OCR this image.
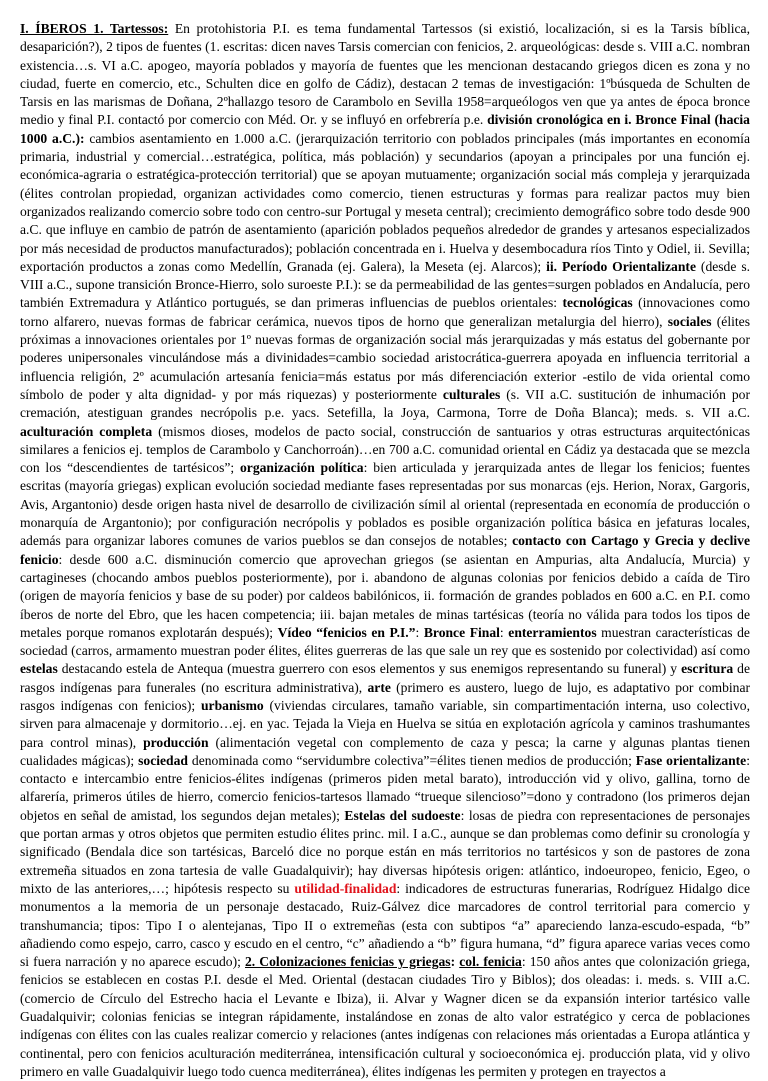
I. ÍBEROS 1. Tartessos: En protohistoria P.I. es tema fundamental Tartessos (si existió, localización, si es la Tarsis bíblica, desaparición?), 2 tipos de fuentes (1. escritas: dicen naves Tarsis comercian con fenicios, 2. arqueológicas: desde s. VIII a.C. nombran existencia…s. VI a.C. apogeo, mayoría poblados y mayoría de fuentes que les mencionan destacando griegos dicen es zona y no ciudad, fuerte en comercio, etc., Schulten dice en golfo de Cádiz), destacan 2 temas de investigación: 1ºbúsqueda de Schulten de Tarsis en las marismas de Doñana, 2ºhallazgo tesoro de Carambolo en Sevilla 1958=arqueólogos ven que ya antes de época bronce medio y final P.I. contactó por comercio con Méd. Or. y se influyó en orfebrería p.e. división cronológica en i. Bronce Final (hacia 1000 a.C.): cambios asentamiento en 1.000 a.C. (jerarquización territorio con poblados principales (más importantes en economía primaria, industrial y comercial…estratégica, política, más población) y secundarios (apoyan a principales por una función ej. económica-agraria o estratégica-protección territorial) que se apoyan mutuamente; organización social más compleja y jerarquizada (élites controlan propiedad, organizan actividades como comercio, tienen estructuras y formas para realizar pactos muy bien organizados realizando comercio sobre todo con centro-sur Portugal y meseta central); crecimiento demográfico sobre todo desde 900 a.C. que influye en cambio de patrón de asentamiento (aparición poblados pequeños alrededor de grandes y artesanos especializados por más necesidad de productos manufacturados); población concentrada en i. Huelva y desembocadura ríos Tinto y Odiel, ii. Sevilla; exportación productos a zonas como Medellín, Granada (ej. Galera), la Meseta (ej. Alarcos); ii. Período Orientalizante (desde s. VIII a.C., supone transición Bronce-Hierro, solo suroeste P.I.): se da permeabilidad de las gentes=surgen poblados en Andalucía, pero también Extremadura y Atlántico portugués, se dan primeras influencias de pueblos orientales: tecnológicas (innovaciones como torno alfarero, nuevas formas de fabricar cerámica, nuevos tipos de horno que generalizan metalurgia del hierro), sociales (élites próximas a innovaciones orientales por 1º nuevas formas de organización social más jerarquizadas y más estatus del gobernante por poderes unipersonales vinculándose más a divinidades=cambio sociedad aristocrática-guerrera apoyada en influencia territorial a influencia religión, 2º acumulación artesanía fenicia=más estatus por más diferenciación exterior -estilo de vida oriental como símbolo de poder y alta dignidad- y por más riquezas) y posteriormente culturales (s. VII a.C. sustitución de inhumación por cremación, atestiguan grandes necrópolis p.e. yacs. Setefilla, la Joya, Carmona, Torre de Doña Blanca); meds. s. VII a.C. aculturación completa (mismos dioses, modelos de pacto social, construcción de santuarios y otras estructuras arquitectónicas similares a fenicios ej. templos de Carambolo y Canchorroán)…en 700 a.C. comunidad oriental en Cádiz ya destacada que se mezcla con los “descendientes de tartésicos”; organización política: bien articulada y jerarquizada antes de llegar los fenicios; fuentes escritas (mayoría griegas) explican evolución sociedad mediante fases representadas por sus monarcas (ejs. Herion, Norax, Gargoris, Avis, Argantonio) desde origen hasta nivel de desarrollo de civilización símil al oriental (representada en economía de producción o monarquía de Argantonio); por configuración necrópolis y poblados es posible organización política básica en jefaturas locales, además para organizar labores comunes de varios pueblos se dan consejos de notables; contacto con Cartago y Grecia y declive fenicio: desde 600 a.C. disminución comercio que aprovechan griegos (se asientan en Ampurias, alta Andalucía, Murcia) y cartagineses (chocando ambos pueblos posteriormente), por i. abandono de algunas colonias por fenicios debido a caída de Tiro (origen de mayoría fenicios y base de su poder) por caldeos babilónicos, ii. formación de grandes poblados en 600 a.C. en P.I. como íberos de norte del Ebro, que les hacen competencia; iii. bajan metales de minas tartésicas (teoría no válida para todos los tipos de metales porque romanos explotarán después); Vídeo “fenicios en P.I.”: Bronce Final: enterramientos muestran características de sociedad (carros, armamento muestran poder élites, élites guerreras de las que sale un rey que es sostenido por colectividad) así como estelas destacando estela de Antequa (muestra guerrero con esos elementos y sus enemigos representando su funeral) y escritura de rasgos indígenas para funerales (no escritura administrativa), arte (primero es austero, luego de lujo, es adaptativo por combinar rasgos indígenas con fenicios); urbanismo (viviendas circulares, tamaño variable, sin compartimentación interna, uso colectivo, sirven para almacenaje y dormitorio…ej. en yac. Tejada la Vieja en Huelva se sitúa en explotación agrícola y caminos trashumantes para control minas), producción (alimentación vegetal con complemento de caza y pesca; la carne y algunas plantas tienen cualidades mágicas); sociedad denominada como “servidumbre colectiva”=élites tienen medios de producción; Fase orientalizante: contacto e intercambio entre fenicios-élites indígenas (primeros piden metal barato), introducción vid y olivo, gallina, torno de alfarería, primeros útiles de hierro, comercio fenicios-tartesos llamado “trueque silencioso”=dono y contradono (los primeros dejan objetos en señal de amistad, los segundos dejan metales); Estelas del sudoeste: losas de piedra con representaciones de personajes que portan armas y otros objetos que permiten estudio élites princ. mil. I a.C., aunque se dan problemas como definir su cronología y significado (Bendala dice son tartésicas, Barceló dice no porque están en más territorios no tartésicos y son de pastores de zona extremeña situados en zona tartesia de valle Guadalquivir); hay diversas hipótesis origen: atlántico, indoeuropeo, fenicio, Egeo, o mixto de las anteriores,…; hipótesis respecto su utilidad-finalidad: indicadores de estructuras funerarias, Rodríguez Hidalgo dice monumentos a la memoria de un personaje destacado, Ruiz-Gálvez dice marcadores de control territorial para comercio y transhumancia; tipos: Tipo I o alentejanas, Tipo II o extremeñas (esta con subtipos “a” apareciendo lanza-escudo-espada, “b” añadiendo como espejo, carro, casco y escudo en el centro, “c” añadiendo a “b” figura humana, “d” figura aparece varias veces como si fuera narración y no aparece escudo); 2. Colonizaciones fenicias y griegas: col. fenicia: 150 años antes que colonización griega, fenicios se establecen en costas P.I. desde el Med. Oriental (destacan ciudades Tiro y Biblos); dos oleadas: i. meds. s. VIII a.C. (comercio de Círculo del Estrecho hacia el Levante e Ibiza), ii. Alvar y Wagner dicen se da expansión interior tartésico valle Guadalquivir; colonias fenicias se integran rápidamente, instalándose en zonas de alto valor estratégico y cerca de poblaciones indígenas con élites con las cuales realizar comercio y relaciones (antes indígenas con relaciones más orientadas a Europa atlántica y continental, pero con fenicios aculturación mediterránea, intensificación cultural y socioeconómica ej. producción plata, vid y olivo primero en valle Guadalquivir luego todo cuenca mediterránea), élites indígenas les permiten y protegen en trayectos a
